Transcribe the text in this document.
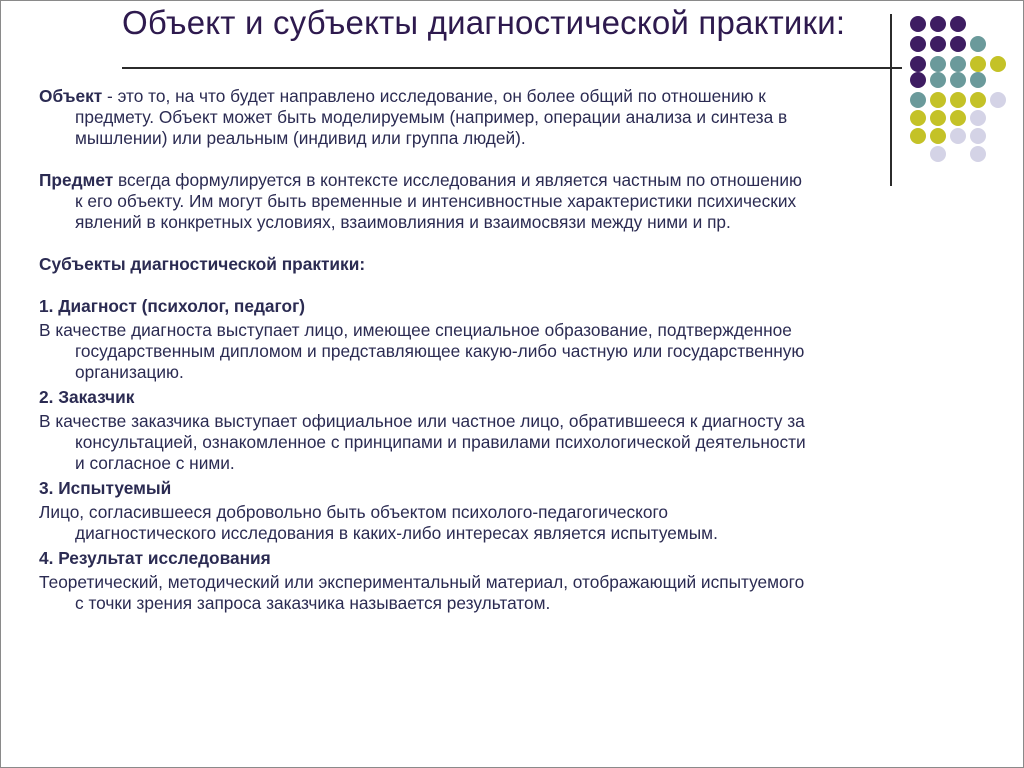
Объект и субъекты диагностической практики:

Объект - это то, на что будет направлено исследование, он более общий по отношению к
предмету. Объект может быть моделируемым (например, операции анализа и синтеза в
мышлении) или реальным (индивид или группа людей).

Предмет всегда формулируется в контексте исследования и является частным по отношению
к его объекту. Им могут быть временные и интенсивностные характеристики психических
явлений в конкретных условиях, взаимовлияния и взаимосвязи между ними и пр.

Субъекты диагностической практики:

1. Диагност (психолог, педагог)

В качестве диагноста выступает лицо, имеющее специальное образование, подтвержденное
государственным дипломом и представляющее какую-либо частную или государственную
организацию.

2. Заказчик

В качестве заказчика выступает официальное или частное лицо, обратившееся к диагносту за
консультацией, ознакомленное с принципами и правилами психологической деятельности
и согласное с ними.

3. Испытуемый

Лицо, согласившееся добровольно быть объектом психолого-педагогического
диагностического исследования в каких-либо интересах является испытуемым.

4. Результат исследования

Теоретический, методический или экспериментальный материал, отображающий испытуемого
с точки зрения запроса заказчика называется результатом.
